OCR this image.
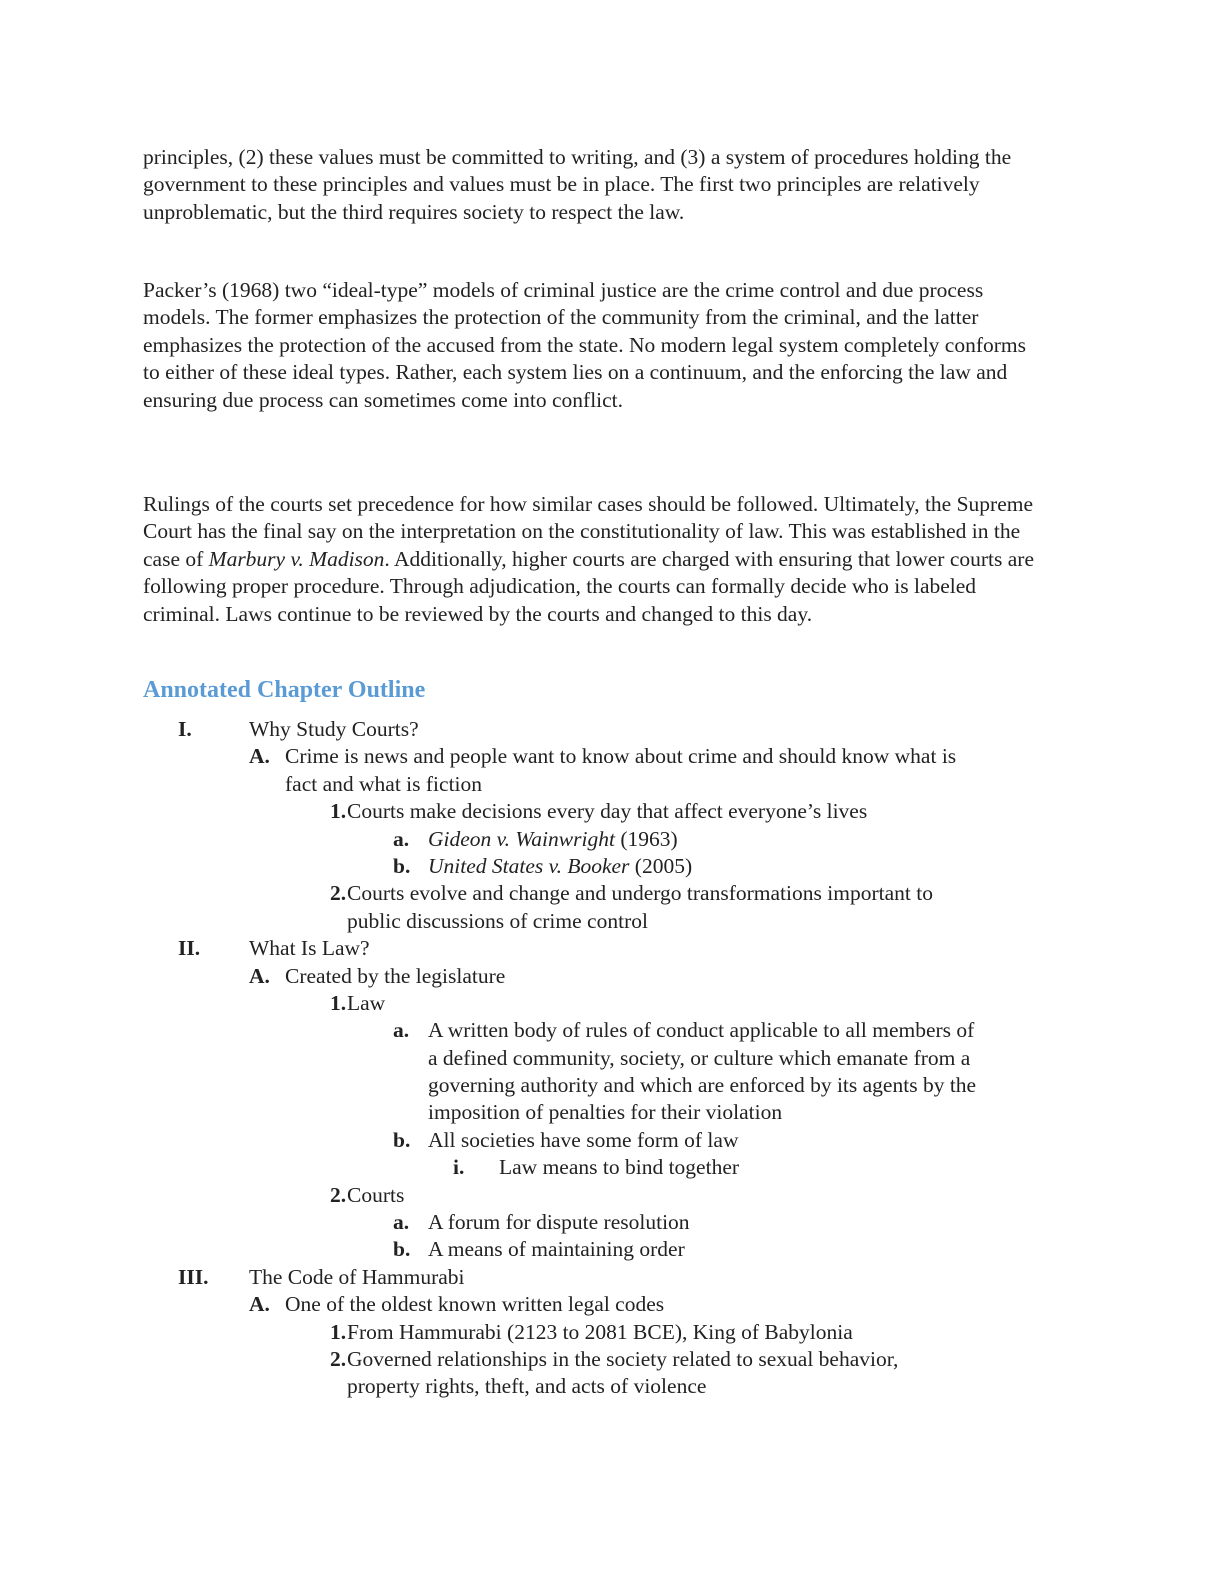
principles, (2) these values must be committed to writing, and (3) a system of procedures holding the government to these principles and values must be in place. The first two principles are relatively unproblematic, but the third requires society to respect the law.

Packer’s (1968) two “ideal-type” models of criminal justice are the crime control and due process models. The former emphasizes the protection of the community from the criminal, and the latter emphasizes the protection of the accused from the state. No modern legal system completely conforms to either of these ideal types. Rather, each system lies on a continuum, and the enforcing the law and ensuring due process can sometimes come into conflict.

Rulings of the courts set precedence for how similar cases should be followed. Ultimately, the Supreme Court has the final say on the interpretation on the constitutionality of law. This was established in the case of Marbury v. Madison. Additionally, higher courts are charged with ensuring that lower courts are following proper procedure. Through adjudication, the courts can formally decide who is labeled criminal. Laws continue to be reviewed by the courts and changed to this day.

Annotated Chapter Outline
I.	Why Study Courts?
A. Crime is news and people want to know about crime and should know what is
fact and what is fiction
1. Courts make decisions every day that affect everyone’s lives
a. Gideon v. Wainwright (1963)
b. United States v. Booker (2005)
2. Courts evolve and change and undergo transformations important to
public discussions of crime control
II. What Is Law?
A. Created by the legislature
1. Law
a. A written body of rules of conduct applicable to all members of
a defined community, society, or culture which emanate from a
governing authority and which are enforced by its agents by the
imposition of penalties for their violation
b. All societies have some form of law
i. Law means to bind together
2. Courts
a. A forum for dispute resolution
b. A means of maintaining order
III. The Code of Hammurabi
A. One of the oldest known written legal codes
1. From Hammurabi (2123 to 2081 BCE), King of Babylonia
2. Governed relationships in the society related to sexual behavior,
property rights, theft, and acts of violence
